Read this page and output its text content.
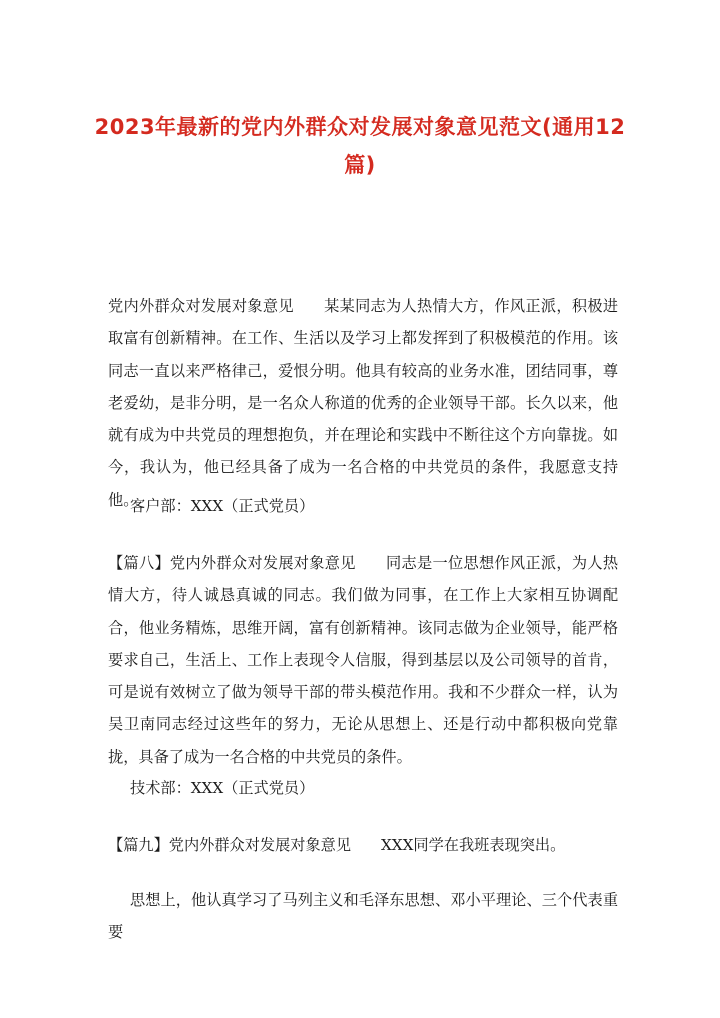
2023年最新的党内外群众对发展对象意见范文(通用12篇)

党内外群众对发展对象意见 某某同志为人热情大方，作风正派，积极进取富有创新精神。在工作、生活以及学习上都发挥到了积极模范的作用。该同志一直以来严格律己，爱恨分明。他具有较高的业务水准，团结同事，尊老爱幼，是非分明，是一名众人称道的优秀的企业领导干部。长久以来，他就有成为中共党员的理想抱负，并在理论和实践中不断往这个方向靠拢。如今，我认为，他已经具备了成为一名合格的中共党员的条件，我愿意支持他。

客户部：XXX（正式党员）

【篇八】党内外群众对发展对象意见 同志是一位思想作风正派，为人热情大方，待人诚恳真诚的同志。我们做为同事，在工作上大家相互协调配合，他业务精炼，思维开阔，富有创新精神。该同志做为企业领导，能严格要求自己，生活上、工作上表现令人信服，得到基层以及公司领导的首肯，可是说有效树立了做为领导干部的带头模范作用。我和不少群众一样，认为吴卫南同志经过这些年的努力，无论从思想上、还是行动中都积极向党靠拢，具备了成为一名合格的中共党员的条件。

技术部：XXX（正式党员）

【篇九】党内外群众对发展对象意见 XXX同学在我班表现突出。

思想上，他认真学习了马列主义和毛泽东思想、邓小平理论、三个代表重要
